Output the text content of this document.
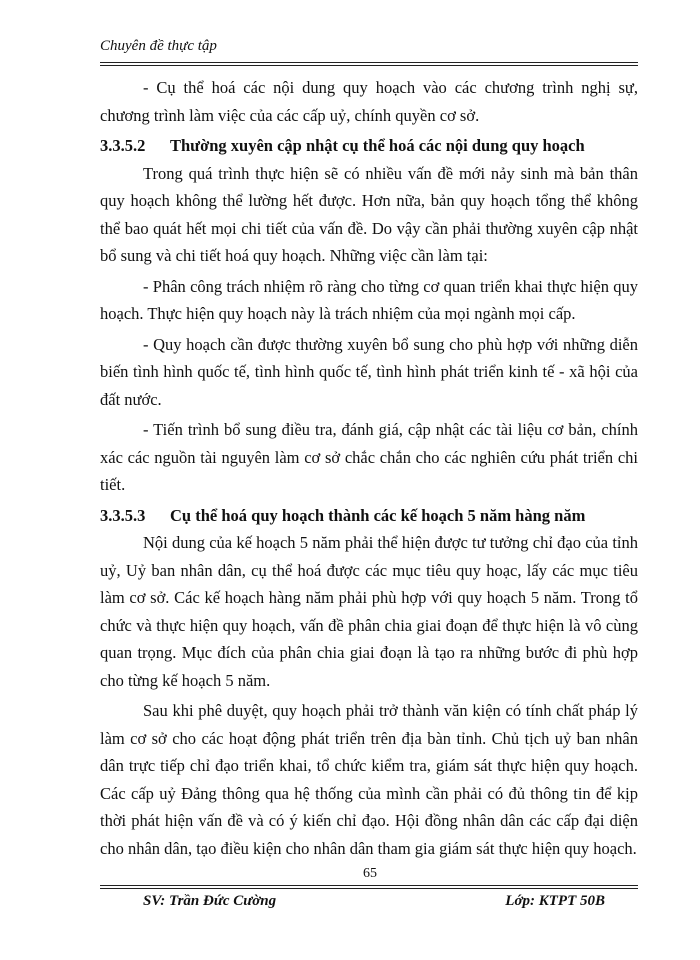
Chuyên đề thực tập

- Cụ thể hoá các nội dung quy hoạch vào các chương trình nghị sự, chương trình làm việc của các cấp uỷ, chính quyền cơ sở.

3.3.5.2 Thường xuyên cập nhật cụ thể hoá các nội dung quy hoạch

Trong quá trình thực hiện sẽ có nhiều vấn đề mới nảy sinh mà bản thân quy hoạch không thể lường hết được. Hơn nữa, bản quy hoạch tổng thể không thể bao quát hết mọi chi tiết của vấn đề. Do vậy cần phải thường xuyên cập nhật bổ sung và chi tiết hoá quy hoạch. Những việc cần làm tại:

- Phân công trách nhiệm rõ ràng cho từng cơ quan triển khai thực hiện quy hoạch. Thực hiện quy hoạch này là trách nhiệm của mọi ngành mọi cấp.

- Quy hoạch cần được thường xuyên bổ sung cho phù hợp với những diễn biến tình hình quốc tế, tình hình quốc tế, tình hình phát triển kinh tế - xã hội của đất nước.

- Tiến trình bổ sung điều tra, đánh giá, cập nhật các tài liệu cơ bản, chính xác các nguồn tài nguyên làm cơ sở chắc chắn cho các nghiên cứu phát triển chi tiết.

3.3.5.3 Cụ thể hoá quy hoạch thành các kế hoạch 5 năm hàng năm

Nội dung của kế hoạch 5 năm phải thể hiện được tư tưởng chỉ đạo của tỉnh uỷ, Uỷ ban nhân dân, cụ thể hoá được các mục tiêu quy hoạc, lấy các mục tiêu làm cơ sở. Các kế hoạch hàng năm phải phù hợp với quy hoạch 5 năm. Trong tổ chức và thực hiện quy hoạch, vấn đề phân chia giai đoạn để thực hiện là vô cùng quan trọng. Mục đích của phân chia giai đoạn là tạo ra những bước đi phù hợp cho từng kế hoạch 5 năm.

Sau khi phê duyệt, quy hoạch phải trở thành văn kiện có tính chất pháp lý làm cơ sở cho các hoạt động phát triển trên địa bàn tỉnh. Chủ tịch uỷ ban nhân dân trực tiếp chỉ đạo triển khai, tổ chức kiểm tra, giám sát thực hiện quy hoạch. Các cấp uỷ Đảng thông qua hệ thống của mình cần phải có đủ thông tin để kịp thời phát hiện vấn đề và có ý kiến chỉ đạo. Hội đồng nhân dân các cấp đại diện cho nhân dân, tạo điều kiện cho nhân dân tham gia giám sát thực hiện quy hoạch.

65
SV: Trần Đức Cường	Lớp: KTPT 50B
